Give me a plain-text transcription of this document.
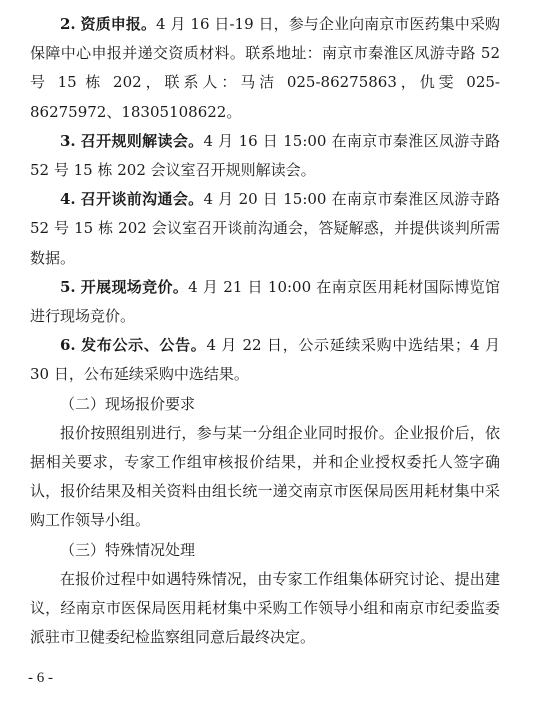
2. 资质申报。4 月 16 日-19 日，参与企业向南京市医药集中采购保障中心申报并递交资质材料。联系地址：南京市秦淮区凤游寺路 52 号 15 栋 202，联系人：马洁 025-86275863，仇雯 025-86275972、18305108622。

3. 召开规则解读会。4 月 16 日 15:00 在南京市秦淮区凤游寺路 52 号 15 栋 202 会议室召开规则解读会。

4. 召开谈前沟通会。4 月 20 日 15:00 在南京市秦淮区凤游寺路 52 号 15 栋 202 会议室召开谈前沟通会，答疑解惑，并提供谈判所需数据。

5. 开展现场竞价。4 月 21 日 10:00 在南京医用耗材国际博览馆进行现场竞价。

6. 发布公示、公告。4 月 22 日，公示延续采购中选结果；4 月 30 日，公布延续采购中选结果。

（二）现场报价要求

报价按照组别进行，参与某一分组企业同时报价。企业报价后，依据相关要求，专家工作组审核报价结果，并和企业授权委托人签字确认，报价结果及相关资料由组长统一递交南京市医保局医用耗材集中采购工作领导小组。

（三）特殊情况处理

在报价过程中如遇特殊情况，由专家工作组集体研究讨论、提出建议，经南京市医保局医用耗材集中采购工作领导小组和南京市纪委监委派驻市卫健委纪检监察组同意后最终决定。

- 6 -
